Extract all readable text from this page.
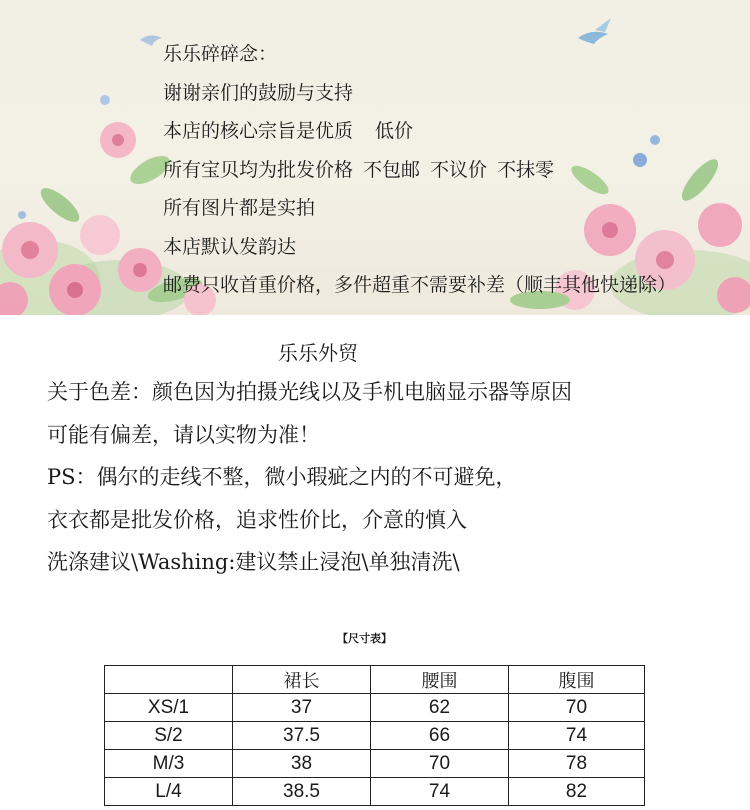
乐乐碎碎念：
谢谢亲们的鼓励与支持
本店的核心宗旨是优质 低价
所有宝贝均为批发价格 不包邮 不议价 不抹零
所有图片都是实拍
本店默认发韵达
邮费只收首重价格，多件超重不需要补差（顺丰其他快递除）
乐乐外贸
关于色差：颜色因为拍摄光线以及手机电脑显示器等原因
可能有偏差，请以实物为准！
PS：偶尔的走线不整，微小瑕疵之内的不可避免，
衣衣都是批发价格，追求性价比，介意的慎入
洗涤建议\Washing:建议禁止浸泡\单独清洗\
【尺寸表】
	裙长	腰围	腹围
XS/1	37	62	70
S/2	37.5	66	74
M/3	38	70	78
L/4	38.5	74	82
